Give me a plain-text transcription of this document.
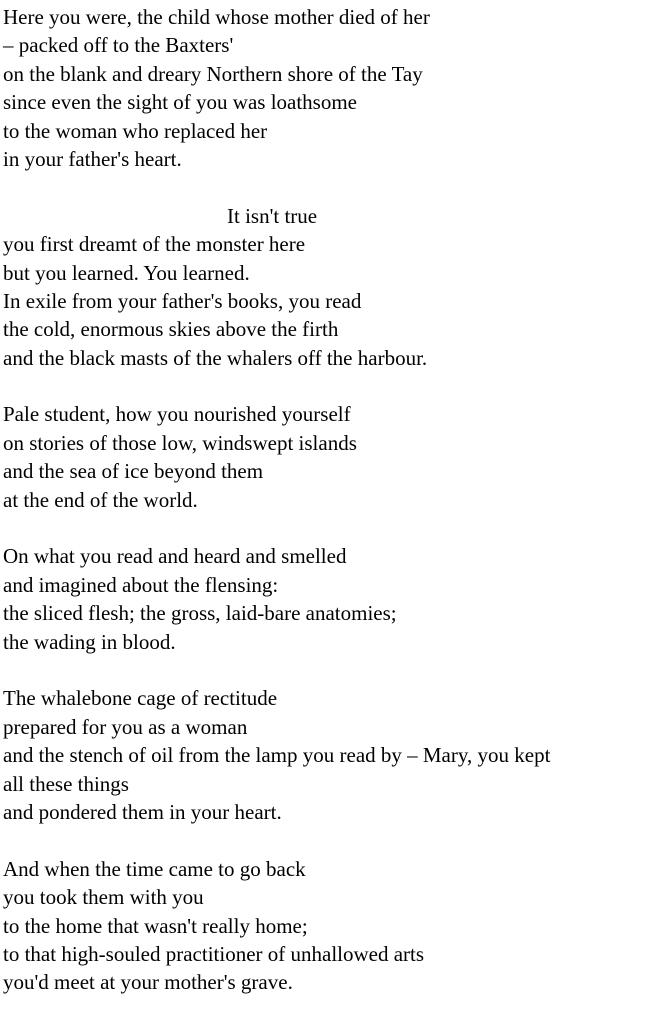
Here you were, the child whose mother died of her
– packed off to the Baxters'
on the blank and dreary Northern shore of the Tay
since even the sight of you was loathsome
to the woman who replaced her
in your father's heart.
It isn't true
you first dreamt of the monster here
but you learned. You learned.
In exile from your father's books, you read
the cold, enormous skies above the firth
and the black masts of the whalers off the harbour.
Pale student, how you nourished yourself
on stories of those low, windswept islands
and the sea of ice beyond them
at the end of the world.
On what you read and heard and smelled
and imagined about the flensing:
the sliced flesh; the gross, laid-bare anatomies;
the wading in blood.
The whalebone cage of rectitude
prepared for you as a woman
and the stench of oil from the lamp you read by – Mary, you kept
all these things
and pondered them in your heart.
And when the time came to go back
you took them with you
to the home that wasn't really home;
to that high-souled practitioner of unhallowed arts
you'd meet at your mother's grave.
